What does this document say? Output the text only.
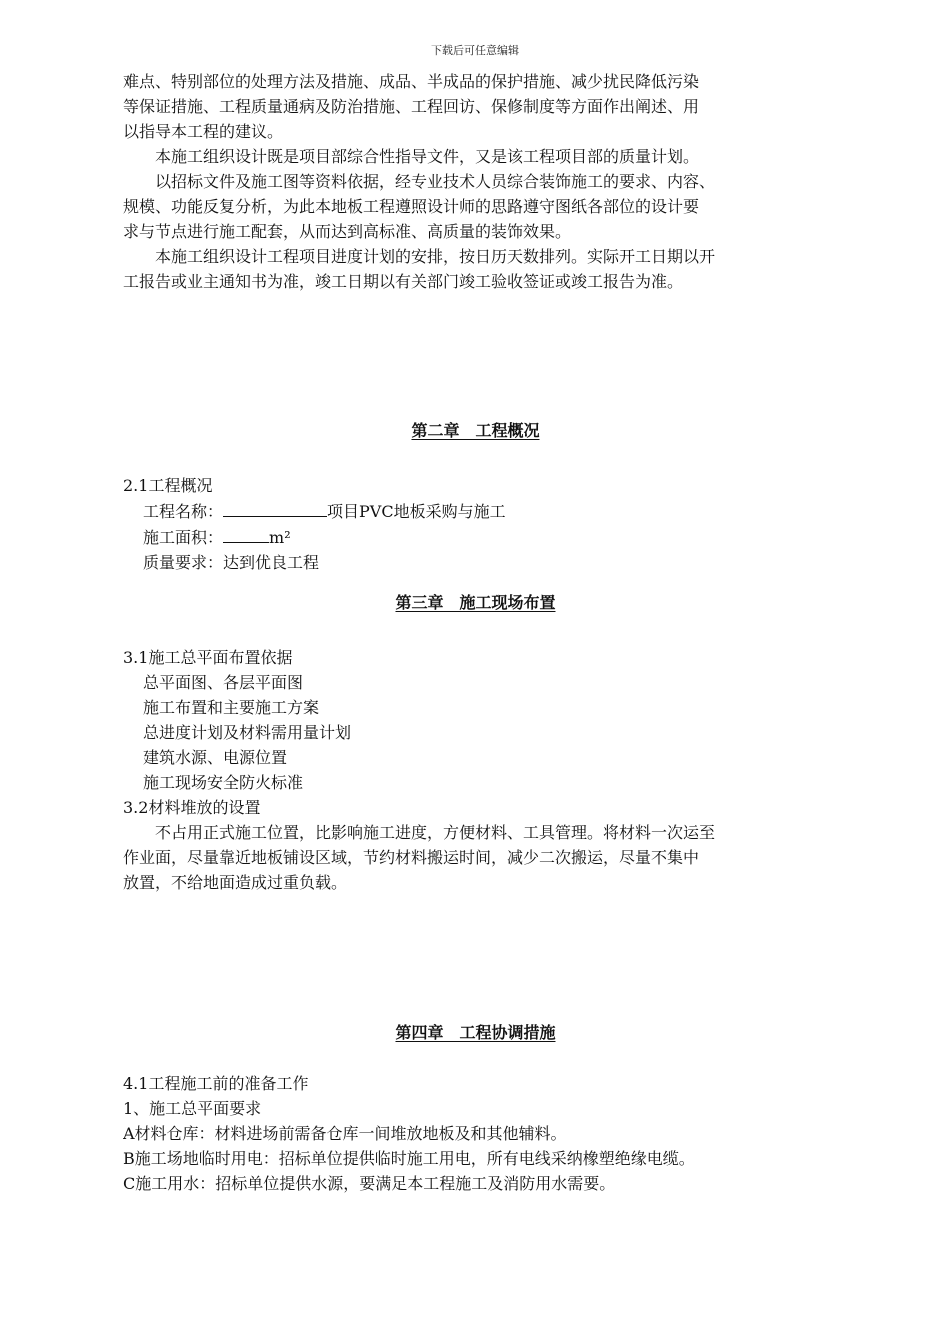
下载后可任意编辑

难点、特别部位的处理方法及措施、成品、半成品的保护措施、减少扰民降低污染

等保证措施、工程质量通病及防治措施、工程回访、保修制度等方面作出阐述、用

以指导本工程的建议。

本施工组织设计既是项目部综合性指导文件，又是该工程项目部的质量计划。

以招标文件及施工图等资料依据，经专业技术人员综合装饰施工的要求、内容、

规模、功能反复分析，为此本地板工程遵照设计师的思路遵守图纸各部位的设计要

求与节点进行施工配套，从而达到高标准、高质量的装饰效果。

本施工组织设计工程项目进度计划的安排，按日历天数排列。实际开工日期以开

工报告或业主通知书为准，竣工日期以有关部门竣工验收签证或竣工报告为准。

第二章　工程概况

2.1工程概况

工程名称：	项目PVC地板采购与施工

施工面积：	m²

质量要求：达到优良工程

第三章　施工现场布置

3.1施工总平面布置依据

总平面图、各层平面图

施工布置和主要施工方案

总进度计划及材料需用量计划

建筑水源、电源位置

施工现场安全防火标准

3.2材料堆放的设置

不占用正式施工位置，比影响施工进度，方便材料、工具管理。将材料一次运至

作业面，尽量靠近地板铺设区域，节约材料搬运时间，减少二次搬运，尽量不集中

放置，不给地面造成过重负载。

第四章　工程协调措施

4.1工程施工前的准备工作

1、施工总平面要求

A材料仓库：材料进场前需备仓库一间堆放地板及和其他辅料。

B施工场地临时用电：招标单位提供临时施工用电，所有电线采纳橡塑绝缘电缆。

C施工用水：招标单位提供水源，要满足本工程施工及消防用水需要。
